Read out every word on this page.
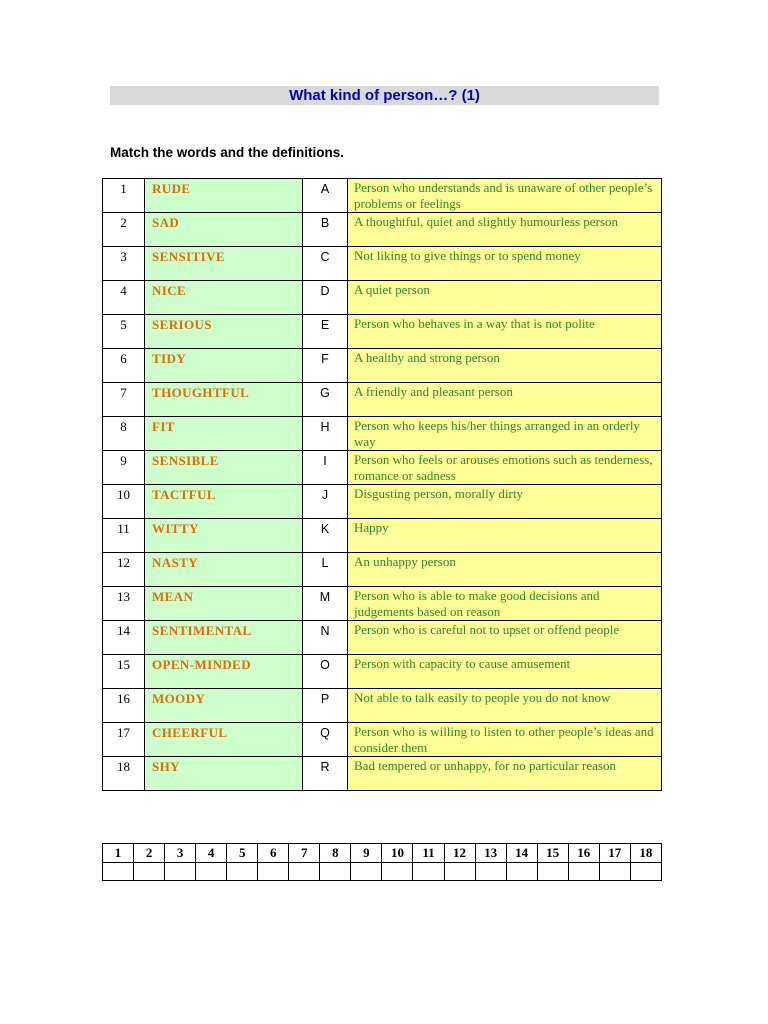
What kind of person…? (1)
Match the words and the definitions.
1	RUDE	A	Person who understands and is unaware of other people’s problems or feelings
2	SAD	B	A thoughtful, quiet and slightly humourless person
3	SENSITIVE	C	Not liking to give things or to spend money
4	NICE	D	A quiet person
5	SERIOUS	E	Person who behaves in a way that is not polite
6	TIDY	F	A healthy and strong person
7	THOUGHTFUL	G	A friendly and pleasant person
8	FIT	H	Person who keeps his/her things arranged in an orderly way
9	SENSIBLE	I	Person who feels or arouses emotions such as tenderness, romance or sadness
10	TACTFUL	J	Disgusting person, morally dirty
11	WITTY	K	Happy
12	NASTY	L	An unhappy person
13	MEAN	M	Person who is able to make good decisions and judgements based on reason
14	SENTIMENTAL	N	Person who is careful not to upset or offend people
15	OPEN-MINDED	O	Person with capacity to cause amusement
16	MOODY	P	Not able to talk easily to people you do not know
17	CHEERFUL	Q	Person who is willing to listen to other people’s ideas and consider them
18	SHY	R	Bad tempered or unhappy, for no particular reason
1	2	3	4	5	6	7	8	9	10	11	12	13	14	15	16	17	18
